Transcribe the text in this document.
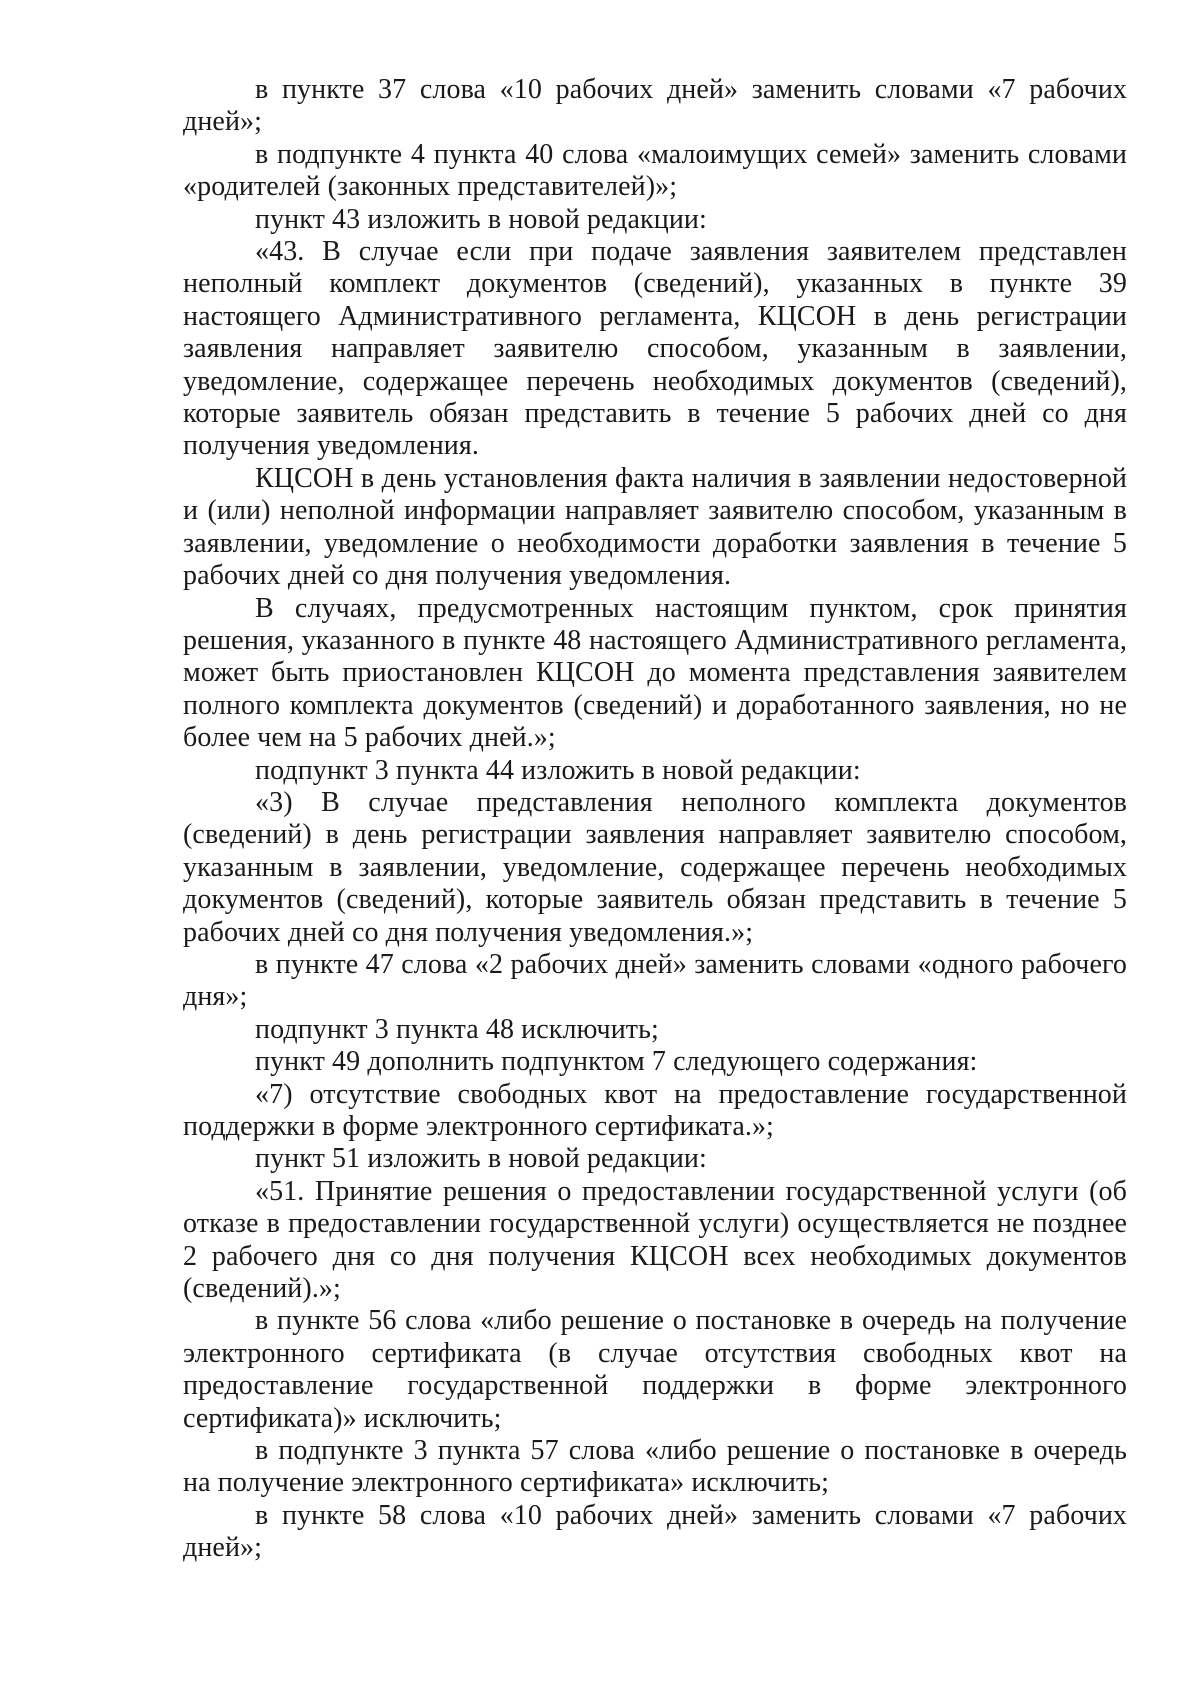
в пункте 37 слова «10 рабочих дней» заменить словами «7 рабочих дней»;

в подпункте 4 пункта 40 слова «малоимущих семей» заменить словами «родителей (законных представителей)»;

пункт 43 изложить в новой редакции:

«43. В случае если при подаче заявления заявителем представлен неполный комплект документов (сведений), указанных в пункте 39 настоящего Административного регламента, КЦСОН в день регистрации заявления направляет заявителю способом, указанным в заявлении, уведомление, содержащее перечень необходимых документов (сведений), которые заявитель обязан представить в течение 5 рабочих дней со дня получения уведомления.

КЦСОН в день установления факта наличия в заявлении недостоверной и (или) неполной информации направляет заявителю способом, указанным в заявлении, уведомление о необходимости доработки заявления в течение 5 рабочих дней со дня получения уведомления.

В случаях, предусмотренных настоящим пунктом, срок принятия решения, указанного в пункте 48 настоящего Административного регламента, может быть приостановлен КЦСОН до момента представления заявителем полного комплекта документов (сведений) и доработанного заявления, но не более чем на 5 рабочих дней.»;

подпункт 3 пункта 44 изложить в новой редакции:

«3) В случае представления неполного комплекта документов (сведений) в день регистрации заявления направляет заявителю способом, указанным в заявлении, уведомление, содержащее перечень необходимых документов (сведений), которые заявитель обязан представить в течение 5 рабочих дней со дня получения уведомления.»;

в пункте 47 слова «2 рабочих дней» заменить словами «одного рабочего дня»;

подпункт 3 пункта 48 исключить;

пункт 49 дополнить подпунктом 7 следующего содержания:

«7) отсутствие свободных квот на предоставление государственной поддержки в форме электронного сертификата.»;

пункт 51 изложить в новой редакции:

«51. Принятие решения о предоставлении государственной услуги (об отказе в предоставлении государственной услуги) осуществляется не позднее 2 рабочего дня со дня получения КЦСОН всех необходимых документов (сведений).»;

в пункте 56 слова «либо решение о постановке в очередь на получение электронного сертификата (в случае отсутствия свободных квот на предоставление государственной поддержки в форме электронного сертификата)» исключить;

в подпункте 3 пункта 57 слова «либо решение о постановке в очередь на получение электронного сертификата» исключить;

в пункте 58 слова «10 рабочих дней» заменить словами «7 рабочих дней»;
